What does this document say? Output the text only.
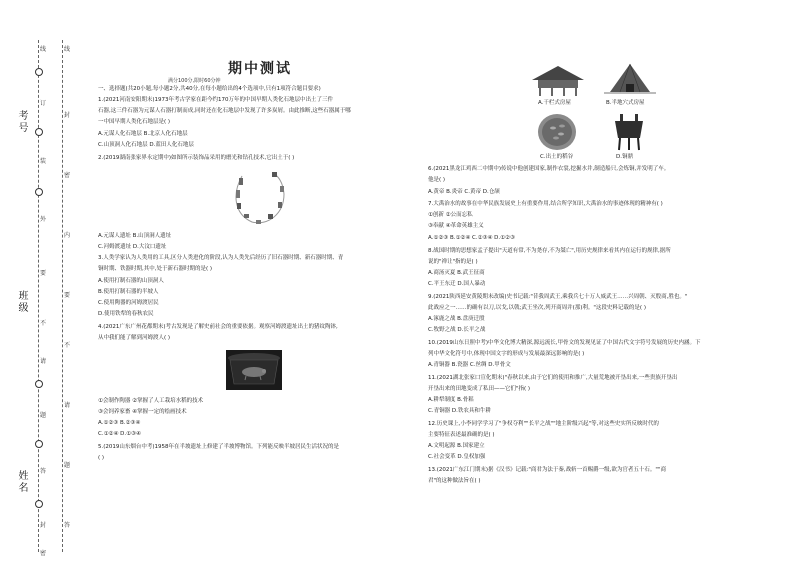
姓名
班级
考号
线
订
装
外
要
不
请
题
答
封
密
线
封
密
内
要
不
请
题
答
期中测试
满分100分,限时60分钟
一、选择题(共20小题,每小题2分,共40分,在每小题给出的4个选项中,只有1项符合题目要求)
1.(2021河南安阳期末)1973年考古学家在距今约170万年的中国早期人类化石地层中出土了三件
石器,这三件石器为元谋人石器打制而成,同时还在化石地层中发现了许多炭屑。由此推断,这些石器属于哪
一中国早期人类化石地层是( )
A.元谋人化石地层 B.北京人化石地层
C.山顶洞人化石地层 D.蓝田人化石地层
2.(2019湖南张家界永定期中)如图所示装饰品采用的磨光和钻孔技术,它出土于( )
A.元谋人遗址 B.山顶洞人遗址
C.河姆渡遗址 D.大汶口遗址
3.人类学家认为人类用的工具,区分人类进化的阶段,认为人类先后经历了旧石器时期、新石器时期、青
铜时期、铁器时期,其中,处于新石器时期的是( )
A.使用打制石器的山顶洞人
B.使用打制石器的半坡人
C.使用陶器的河姆渡居民
D.使用铁犁的春秋农民
4.(2021广东广州花都期末)考古发现是了解史前社会的重要依据。观察河姆渡遗址出土的猪纹陶钵,
从中我们能了解到河姆渡人( )
①会制作陶器 ②掌握了人工栽培水稻的技术
③会饲养家畜 ④掌握一定的绘画技术
A.①②③ B.②③④
C.①②④ D.①③④
5.(2019山东烟台中考)1958年在半坡遗址上修建了半坡博物馆。下列能反映半坡居民生活状况的是
( )
A.干栏式房屋	B.半地穴式房屋
C.出土的稻谷	D.铜鼎
6.(2021黑龙江鸡西二中期中)传说中他创建国家,制作衣裳,挖掘水井,制造船只,会炼铜,并发明了车。
他是( )
A.黄帝 B.炎帝 C.黄帝 D.仓颉
7.大禹治水的故事在中华民族发展史上有重要作用,结合所学知识,大禹治水的事迹体现的精神有( )
①创新 ②公而忘私
③奉献 ④革命英雄主义
A.①②③ B.①②④ C.②③④ D.①②③
8.战国时期的思想家孟子提出"天道有常,不为尧存,不为桀亡",用历史规律来看其内在运行的规律,据所
说的"禅让"指的是( )
A.商汤灭夏 B.武王征商
C.平王东迁 D.国人暴动
9.(2021陕西延安黄陵期末改编)史书记载:"昔我周武王,乘我兵七十万人威武王……兴周朝、灭殷商,胜也。"
此战应之一……的确有以刀,以戈,以戟;武王坐次,列开商周并(那)利。"这段史料记载的是( )
A.涿鹿之战 B.盘庚迁殷
C.牧野之战 D.长平之战
10.(2019山东日照中考)中华文化博大精深,源远流长,甲骨文的发现见证了中国古代文字符号发展的历史内涵。下
列中华文化符号中,体现中国文字的形成与发展最深远影响的是( )
A.青铜器 B.瓷器 C.丝绸 D.甲骨文
11.(2021湖北张家口宣化期末)"春秋以来,由于它们的使用和推广,大量荒地被开垦出来,一些贵族开垦出
开垦出来的田地变成了私田——它们"指( )
A.耕犁制度 B.骨耜
C.青铜器 D.铁农具和牛耕
12.历史课上,小李同学学习了"争权夺利""长平之战""地主阶级兴起"等,对这些史实所反映时代的
主要特征表述最准确的是( )
A.文明起源 B.国家建立
C.社会变革 D.皇权加强
13.(2021广东江门期末)据《汉书》记载:"商君为法于秦,战斩一首赐爵一级,欲为官者五十石。""商
君"的这种做法旨在( )
